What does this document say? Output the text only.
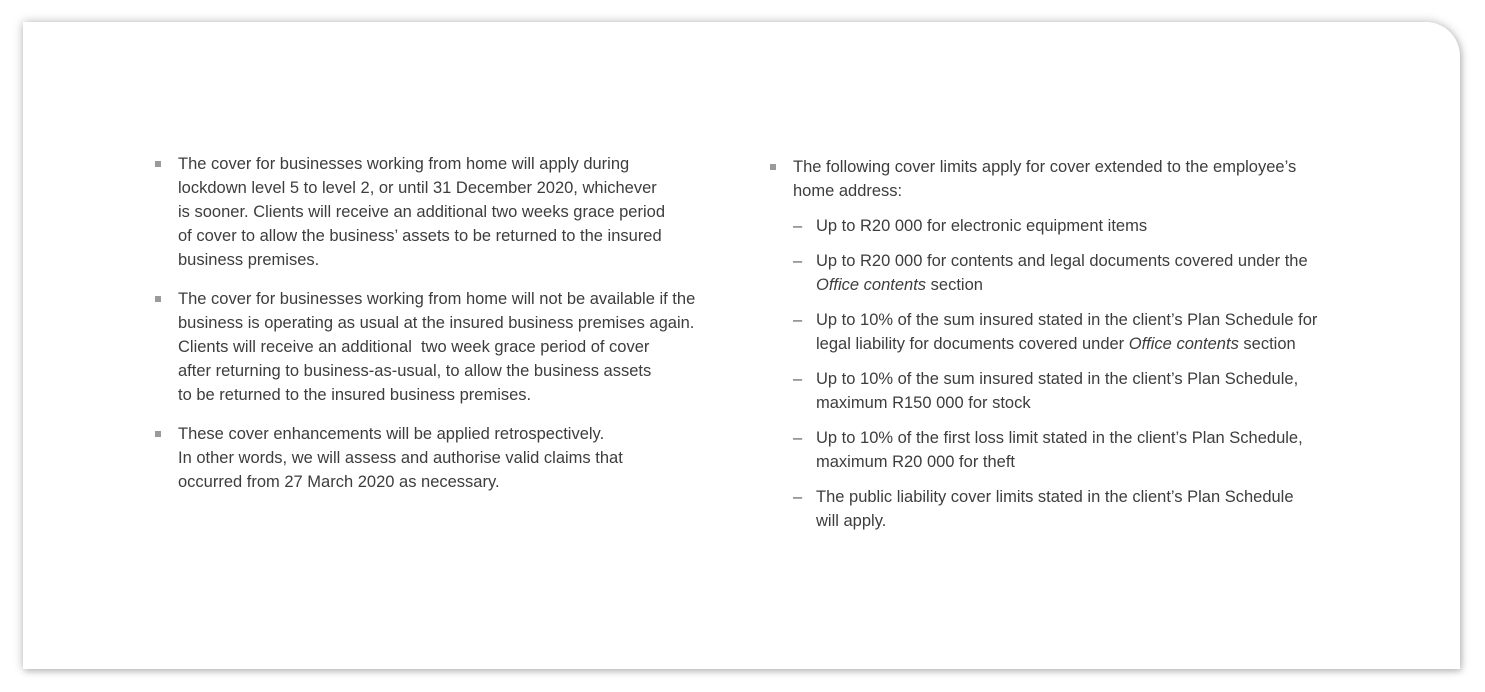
The cover for businesses working from home will apply during
lockdown level 5 to level 2, or until 31 December 2020, whichever
is sooner. Clients will receive an additional two weeks grace period
of cover to allow the business’ assets to be returned to the insured
business premises.
The cover for businesses working from home will not be available if the
business is operating as usual at the insured business premises again.
Clients will receive an additional  two week grace period of cover
after returning to business-as-usual, to allow the business assets
to be returned to the insured business premises.
These cover enhancements will be applied retrospectively.
In other words, we will assess and authorise valid claims that
occurred from 27 March 2020 as necessary.
The following cover limits apply for cover extended to the employee’s
home address:
– Up to R20 000 for electronic equipment items
– Up to R20 000 for contents and legal documents covered under the
Office contents section
– Up to 10% of the sum insured stated in the client’s Plan Schedule for
legal liability for documents covered under Office contents section
– Up to 10% of the sum insured stated in the client’s Plan Schedule,
maximum R150 000 for stock
– Up to 10% of the first loss limit stated in the client’s Plan Schedule,
maximum R20 000 for theft
– The public liability cover limits stated in the client’s Plan Schedule
will apply.
